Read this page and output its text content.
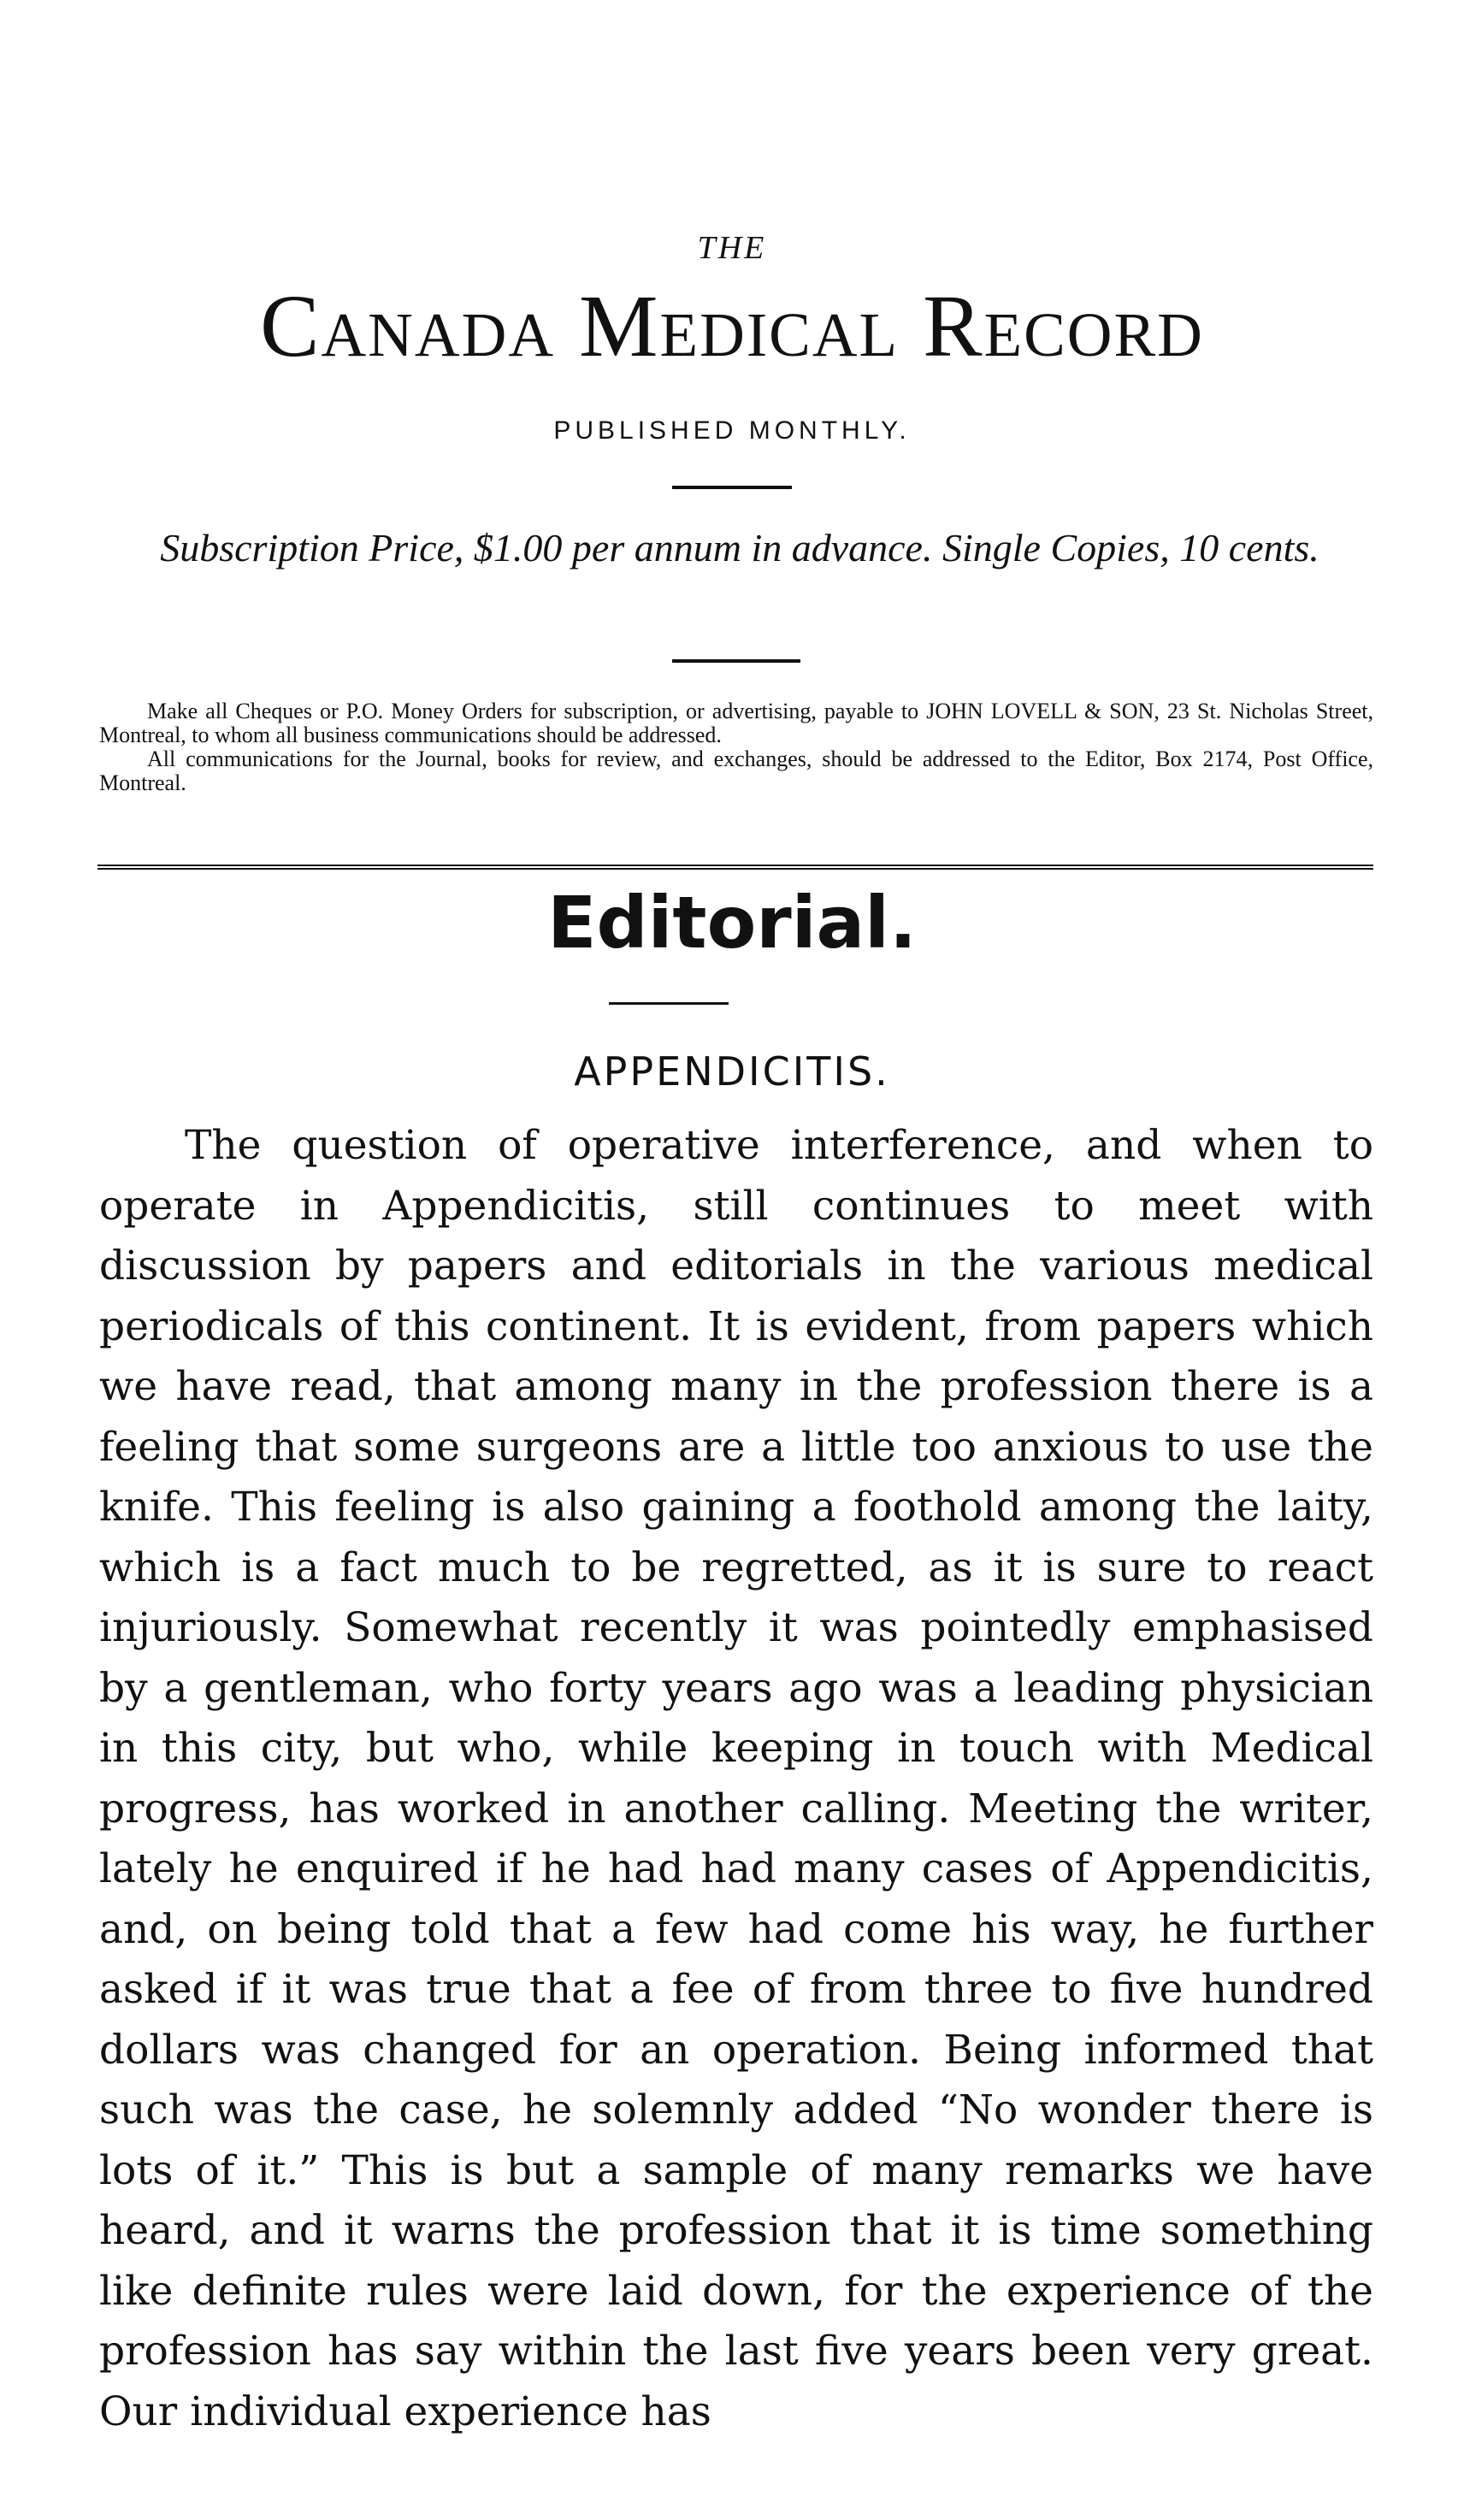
THE
Canada Medical Record
PUBLISHED MONTHLY.
Subscription Price, $1.00 per annum in advance. Single Copies, 10 cents.

Make all Cheques or P.O. Money Orders for subscription, or advertising, payable to JOHN LOVELL & SON, 23 St. Nicholas Street, Montreal, to whom all business communications should be addressed.

All communications for the Journal, books for review, and exchanges, should be addressed to the Editor, Box 2174, Post Office, Montreal.

Editorial.
APPENDICITIS.

The question of operative interference, and when to operate in Appendicitis, still continues to meet with discussion by papers and editorials in the various medical periodicals of this continent. It is evident, from papers which we have read, that among many in the profession there is a feeling that some surgeons are a little too anxious to use the knife. This feeling is also gaining a foothold among the laity, which is a fact much to be regretted, as it is sure to react injuriously. Somewhat recently it was pointedly emphasised by a gentleman, who forty years ago was a leading physician in this city, but who, while keeping in touch with Medical progress, has worked in another calling. Meeting the writer, lately he enquired if he had had many cases of Appendicitis, and, on being told that a few had come his way, he further asked if it was true that a fee of from three to five hundred dollars was changed for an operation. Being informed that such was the case, he solemnly added “No wonder there is lots of it.” This is but a sample of many remarks we have heard, and it warns the profession that it is time something like definite rules were laid down, for the experience of the profession has say within the last five years been very great. Our individual experience has
